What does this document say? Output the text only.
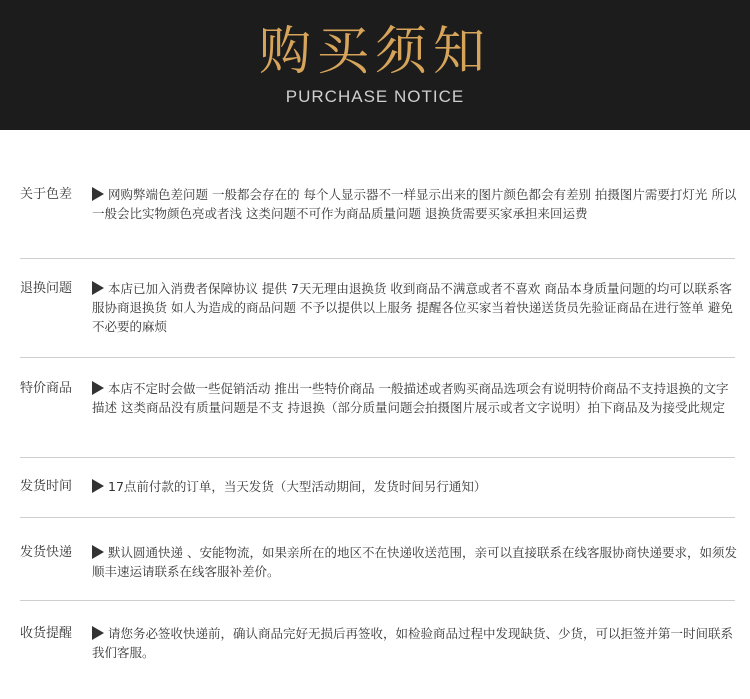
购买须知
PURCHASE NOTICE
关于色差	网购弊端色差问题 一般都会存在的 每个人显示器不一样显示出来的图片颜色都会有差别 拍摄图片需要打灯光 所以一般会比实物颜色亮或者浅 这类问题不可作为商品质量问题 退换货需要买家承担来回运费
退换问题	本店已加入消费者保障协议 提供 7天无理由退换货 收到商品不满意或者不喜欢 商品本身质量问题的均可以联系客服协商退换货 如人为造成的商品问题 不予以提供以上服务 提醒各位买家当着快递送货员先验证商品在进行签单 避免不必要的麻烦
特价商品	本店不定时会做一些促销活动 推出一些特价商品 一般描述或者购买商品选项会有说明特价商品不支持退换的文字描述 这类商品没有质量问题是不支 持退换（部分质量问题会拍摄图片展示或者文字说明）拍下商品及为接受此规定
发货时间	17点前付款的订单，当天发货（大型活动期间，发货时间另行通知）
发货快递	默认圆通快递 、安能物流，如果亲所在的地区不在快递收送范围，亲可以直接联系在线客服协商快递要求，如须发顺丰速运请联系在线客服补差价。
收货提醒	请您务必签收快递前，确认商品完好无损后再签收，如检验商品过程中发现缺货、少货，可以拒签并第一时间联系我们客服。
